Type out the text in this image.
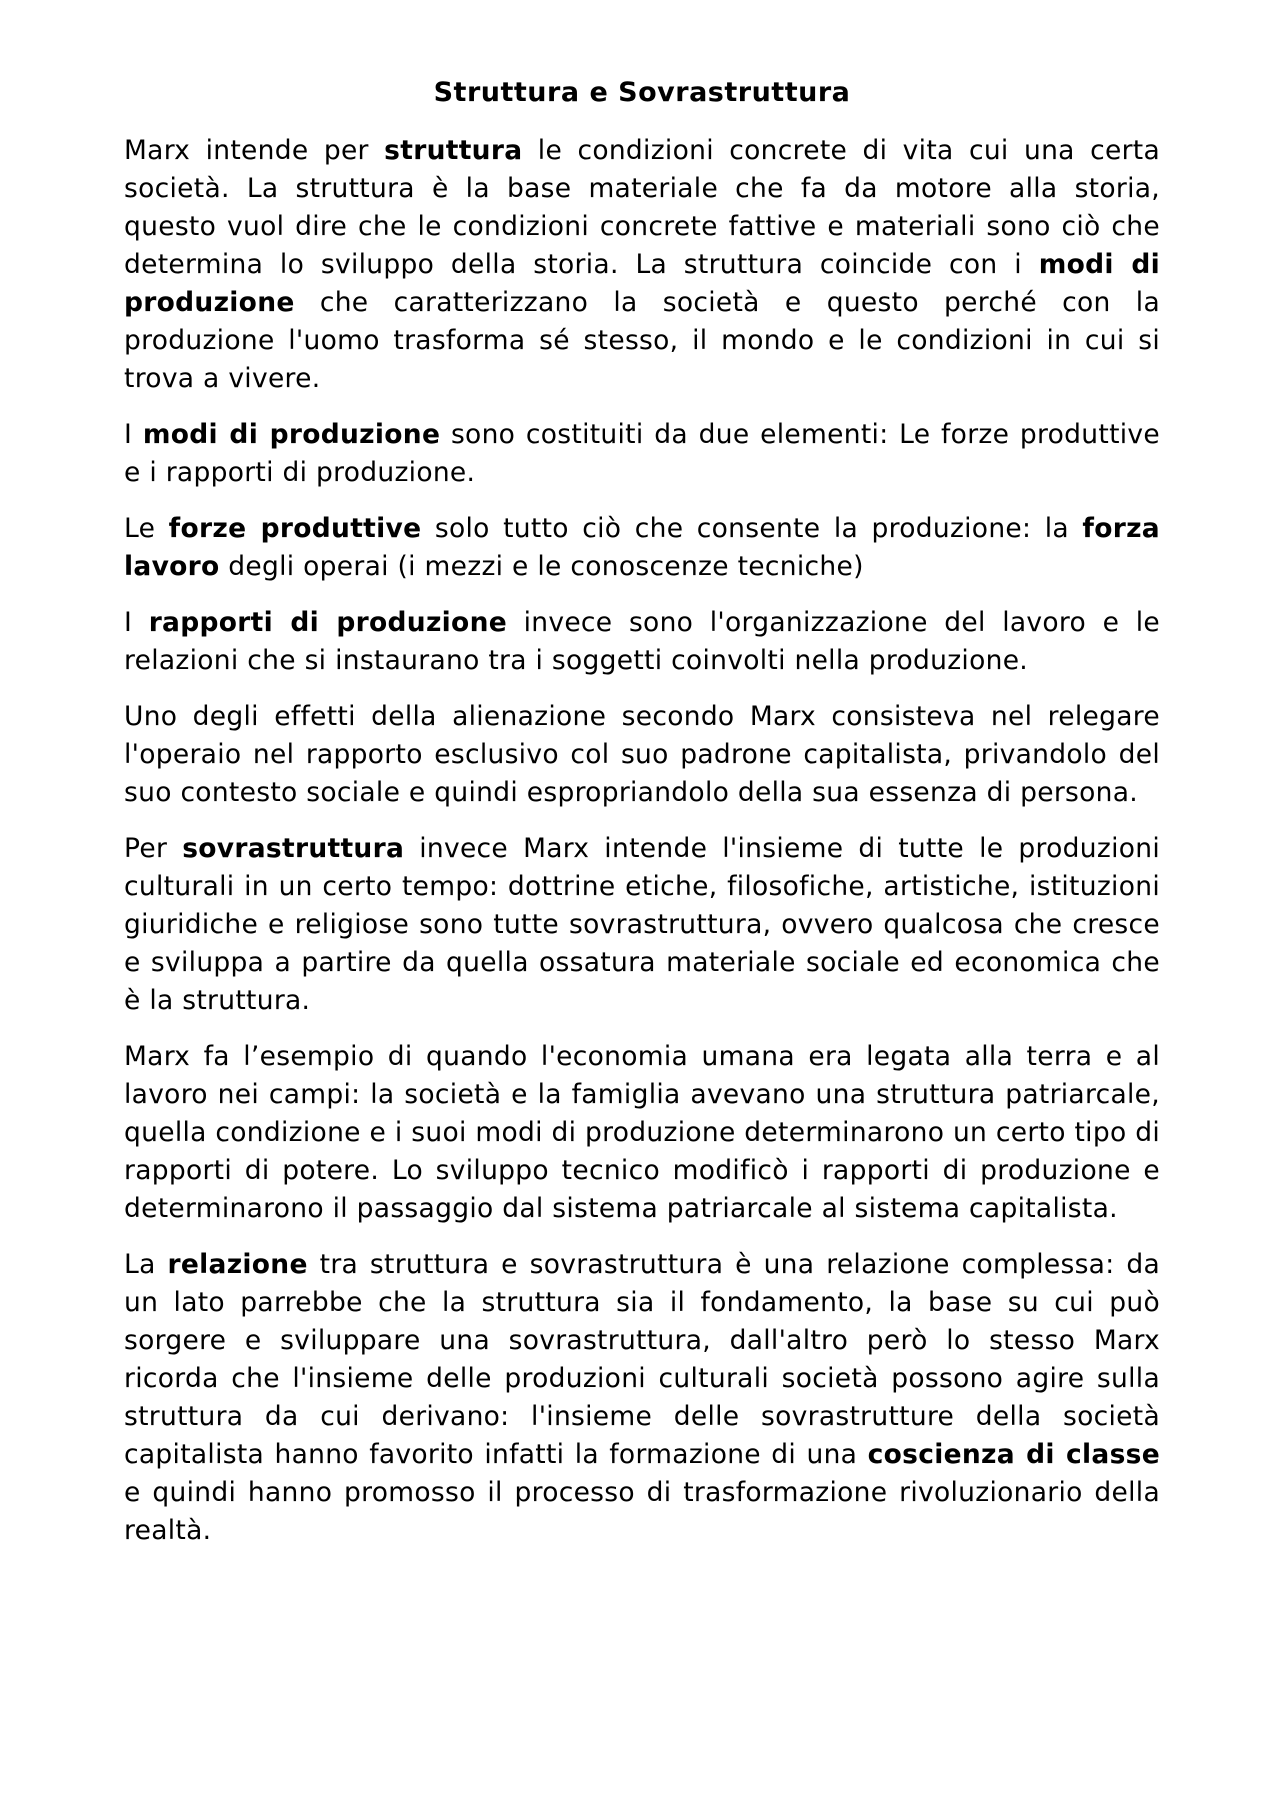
Struttura e Sovrastruttura

Marx intende per struttura le condizioni concrete di vita cui una certa società. La struttura è la base materiale che fa da motore alla storia, questo vuol dire che le condizioni concrete fattive e materiali sono ciò che determina lo sviluppo della storia. La struttura coincide con i modi di produzione che caratterizzano la società e questo perché con la produzione l'uomo trasforma sé stesso, il mondo e le condizioni in cui si trova a vivere.

I modi di produzione sono costituiti da due elementi: Le forze produttive e i rapporti di produzione.

Le forze produttive solo tutto ciò che consente la produzione: la forza lavoro degli operai (i mezzi e le conoscenze tecniche)

I rapporti di produzione invece sono l'organizzazione del lavoro e le relazioni che si instaurano tra i soggetti coinvolti nella produzione.

Uno degli effetti della alienazione secondo Marx consisteva nel relegare l'operaio nel rapporto esclusivo col suo padrone capitalista, privandolo del suo contesto sociale e quindi espropriandolo della sua essenza di persona.

Per sovrastruttura invece Marx intende l'insieme di tutte le produzioni culturali in un certo tempo: dottrine etiche, filosofiche, artistiche, istituzioni giuridiche e religiose sono tutte sovrastruttura, ovvero qualcosa che cresce e sviluppa a partire da quella ossatura materiale sociale ed economica che è la struttura.

Marx fa l’esempio di quando l'economia umana era legata alla terra e al lavoro nei campi: la società e la famiglia avevano una struttura patriarcale, quella condizione e i suoi modi di produzione determinarono un certo tipo di rapporti di potere. Lo sviluppo tecnico modificò i rapporti di produzione e determinarono il passaggio dal sistema patriarcale al sistema capitalista.

La relazione tra struttura e sovrastruttura è una relazione complessa: da un lato parrebbe che la struttura sia il fondamento, la base su cui può sorgere e sviluppare una sovrastruttura, dall'altro però lo stesso Marx ricorda che l'insieme delle produzioni culturali società possono agire sulla struttura da cui derivano: l'insieme delle sovrastrutture della società capitalista hanno favorito infatti la formazione di una coscienza di classe e quindi hanno promosso il processo di trasformazione rivoluzionario della realtà.
